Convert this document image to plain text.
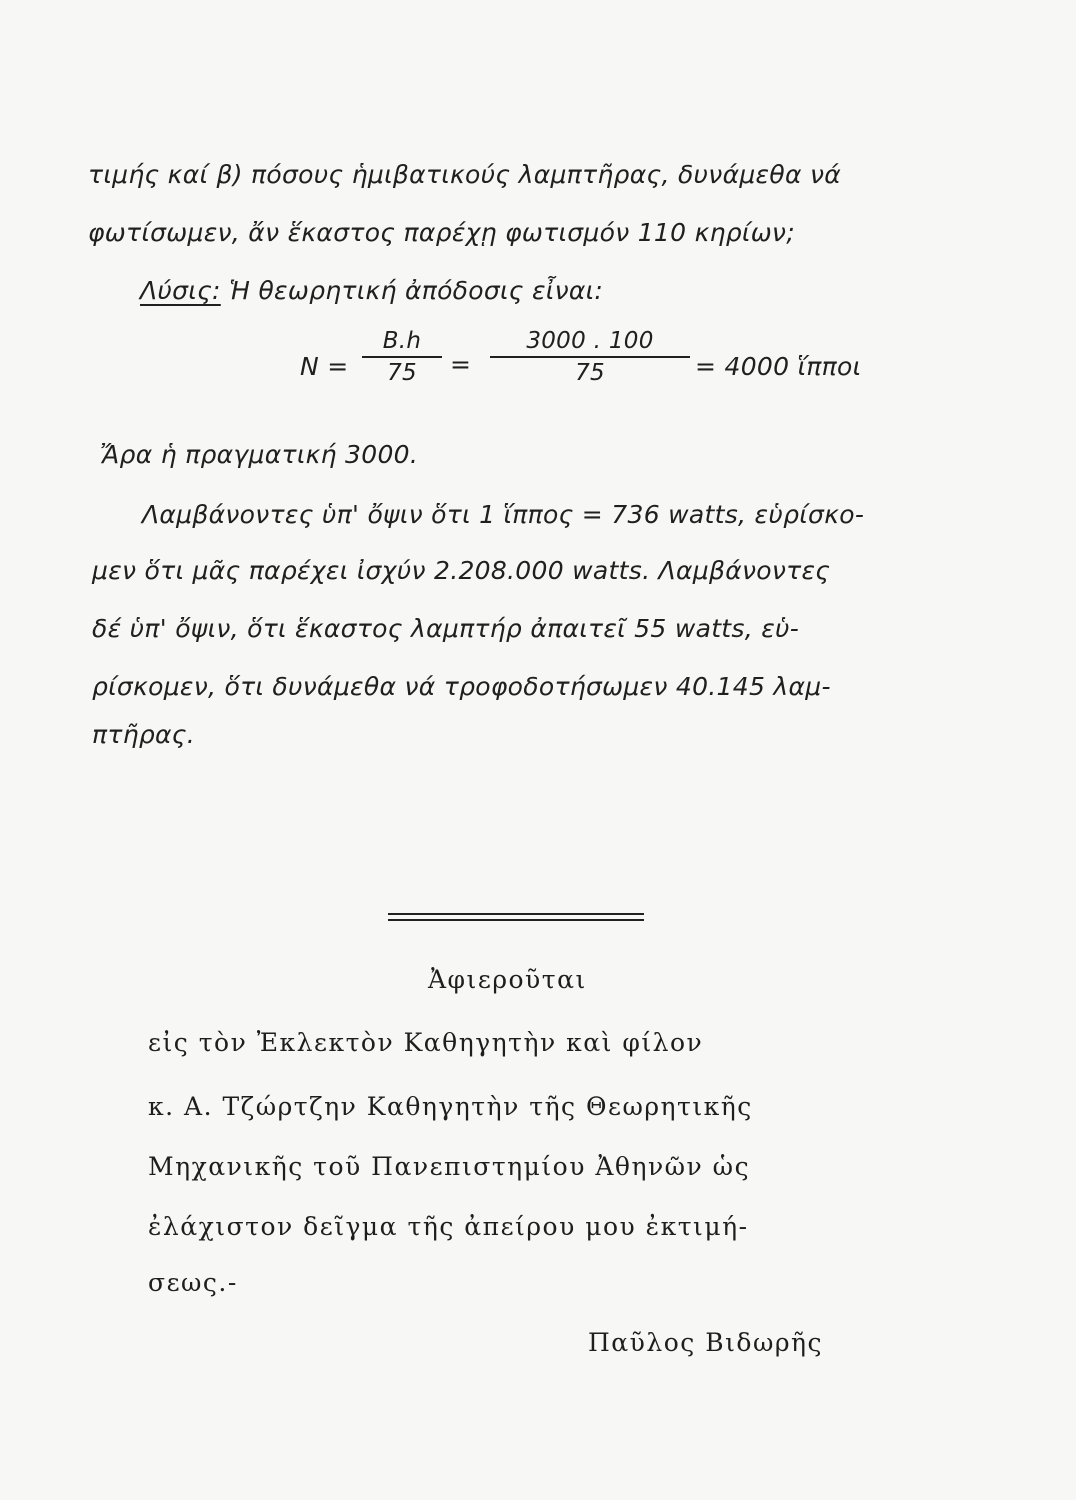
τιμής καί β) πόσους ἡμιβατικούς λαμπτῆρας, δυνάμεθα νά
φωτίσωμεν, ἄν ἕκαστος παρέχῃ φωτισμόν 110 κηρίων;
Λύσις: Ἡ θεωρητική ἀπόδοσις εἶναι:
N =
B.h
75	=
3000 . 100
75	= 4000 ἵπποι
Ἄρα ἡ πραγματική 3000.
Λαμβάνοντες ὑπ' ὄψιν ὅτι 1 ἵππος = 736 watts, εὑρίσκο-
μεν ὅτι μᾶς παρέχει ἰσχύν 2.208.000 watts. Λαμβάνοντες
δέ ὑπ' ὄψιν, ὅτι ἕκαστος λαμπτήρ ἀπαιτεῖ 55 watts, εὑ-
ρίσκομεν, ὅτι δυνάμεθα νά τροφοδοτήσωμεν 40.145 λαμ-
πτῆρας.
Ἀφιεροῦται
εἰς τὸν Ἐκλεκτὸν Καθηγητὴν καὶ φίλον
κ. Α. Τζώρτζην Καθηγητὴν τῆς Θεωρητικῆς
Μηχανικῆς τοῦ Πανεπιστημίου Ἀθηνῶν ὡς
ἐλάχιστον δεῖγμα τῆς ἀπείρου μου ἐκτιμή-
σεως.-
Παῦλος Βιδωρῆς
